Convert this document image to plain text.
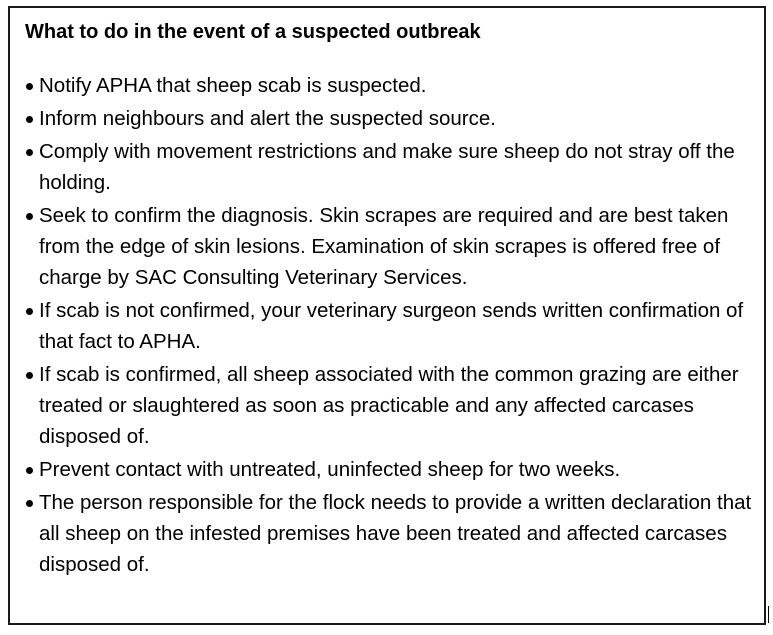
What to do in the event of a suspected outbreak
Notify APHA that sheep scab is suspected.
Inform neighbours and alert the suspected source.
Comply with movement restrictions and make sure sheep do not stray off the holding.
Seek to confirm the diagnosis. Skin scrapes are required and are best taken from the edge of skin lesions. Examination of skin scrapes is offered free of charge by SAC Consulting Veterinary Services.
If scab is not confirmed, your veterinary surgeon sends written confirmation of that fact to APHA.
If scab is confirmed, all sheep associated with the common grazing are either treated or slaughtered as soon as practicable and any affected carcases disposed of.
Prevent contact with untreated, uninfected sheep for two weeks.
The person responsible for the flock needs to provide a written declaration that all sheep on the infested premises have been treated and affected carcases disposed of.
